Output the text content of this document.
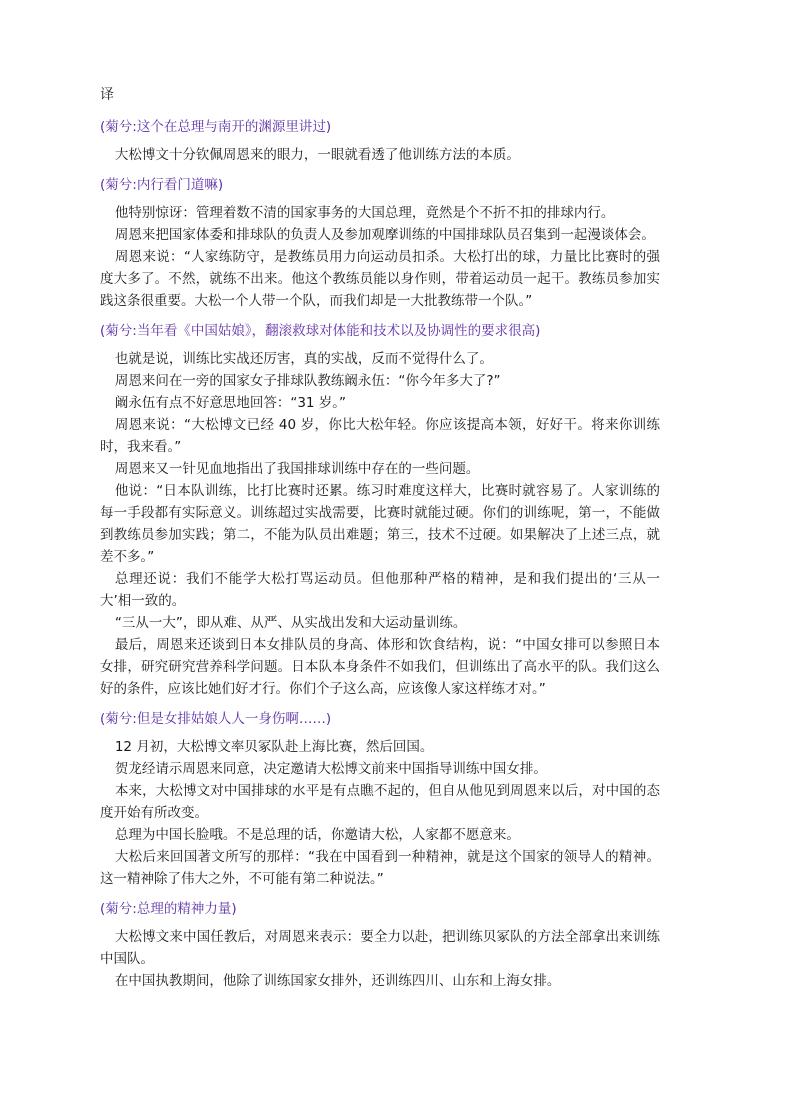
译
(菊兮:这个在总理与南开的渊源里讲过)

大松博文十分钦佩周恩来的眼力，一眼就看透了他训练方法的本质。

(菊兮:内行看门道嘛)

他特别惊讶：管理着数不清的国家事务的大国总理，竟然是个不折不扣的排球内行。

周恩来把国家体委和排球队的负责人及参加观摩训练的中国排球队员召集到一起漫谈体会。

周恩来说：“人家练防守，是教练员用力向运动员扣杀。大松打出的球，力量比比赛时的强度大多了。不然，就练不出来。他这个教练员能以身作则，带着运动员一起干。教练员参加实践这条很重要。大松一个人带一个队，而我们却是一大批教练带一个队。”

(菊兮:当年看《中国姑娘》，翻滚救球对体能和技术以及协调性的要求很高)

也就是说，训练比实战还厉害，真的实战，反而不觉得什么了。

周恩来问在一旁的国家女子排球队教练阚永伍：“你今年多大了?”

阚永伍有点不好意思地回答：“31 岁。”

周恩来说：“大松博文已经 40 岁，你比大松年轻。你应该提高本领，好好干。将来你训练时，我来看。”

周恩来又一针见血地指出了我国排球训练中存在的一些问题。

他说：“日本队训练，比打比赛时还累。练习时难度这样大，比赛时就容易了。人家训练的每一手段都有实际意义。训练超过实战需要，比赛时就能过硬。你们的训练呢，第一，不能做到教练员参加实践；第二，不能为队员出难题；第三，技术不过硬。如果解决了上述三点，就差不多。”

总理还说：我们不能学大松打骂运动员。但他那种严格的精神，是和我们提出的‘三从一大’相一致的。

“三从一大”，即从难、从严、从实战出发和大运动量训练。

最后，周恩来还谈到日本女排队员的身高、体形和饮食结构，说：“中国女排可以参照日本女排，研究研究营养科学问题。日本队本身条件不如我们，但训练出了高水平的队。我们这么好的条件，应该比她们好才行。你们个子这么高，应该像人家这样练才对。”

(菊兮:但是女排姑娘人人一身伤啊……)

12 月初，大松博文率贝冢队赴上海比赛，然后回国。

贺龙经请示周恩来同意，决定邀请大松博文前来中国指导训练中国女排。

本来，大松博文对中国排球的水平是有点瞧不起的，但自从他见到周恩来以后，对中国的态度开始有所改变。

总理为中国长脸哦。不是总理的话，你邀请大松，人家都不愿意来。

大松后来回国著文所写的那样：“我在中国看到一种精神，就是这个国家的领导人的精神。这一精神除了伟大之外，不可能有第二种说法。”

(菊兮:总理的精神力量)

大松博文来中国任教后，对周恩来表示：要全力以赴，把训练贝冢队的方法全部拿出来训练中国队。

在中国执教期间，他除了训练国家女排外，还训练四川、山东和上海女排。
